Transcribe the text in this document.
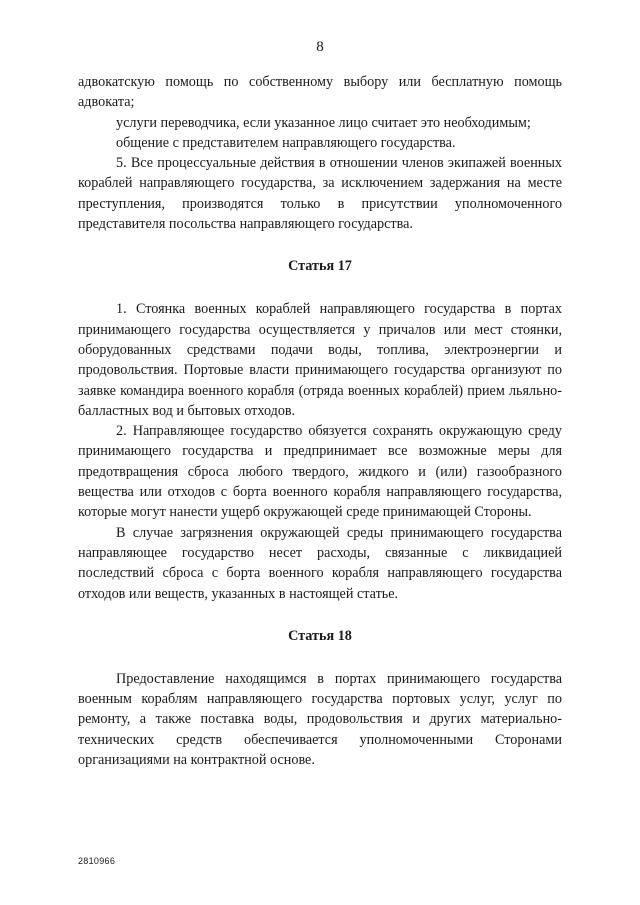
8

адвокатскую помощь по собственному выбору или бесплатную помощь адвоката;

услуги переводчика, если указанное лицо считает это необходимым;

общение с представителем направляющего государства.

5. Все процессуальные действия в отношении членов экипажей военных кораблей направляющего государства, за исключением задержания на месте преступления, производятся только в присутствии уполномоченного представителя посольства направляющего государства.

Статья 17

1. Стоянка военных кораблей направляющего государства в портах принимающего государства осуществляется у причалов или мест стоянки, оборудованных средствами подачи воды, топлива, электроэнергии и продовольствия. Портовые власти принимающего государства организуют по заявке командира военного корабля (отряда военных кораблей) прием льяльно-балластных вод и бытовых отходов.

2. Направляющее государство обязуется сохранять окружающую среду принимающего государства и предпринимает все возможные меры для предотвращения сброса любого твердого, жидкого и (или) газообразного вещества или отходов с борта военного корабля направляющего государства, которые могут нанести ущерб окружающей среде принимающей Стороны.

В случае загрязнения окружающей среды принимающего государства направляющее государство несет расходы, связанные с ликвидацией последствий сброса с борта военного корабля направляющего государства отходов или веществ, указанных в настоящей статье.

Статья 18

Предоставление находящимся в портах принимающего государства военным кораблям направляющего государства портовых услуг, услуг по ремонту, а также поставка воды, продовольствия и других материально-технических средств обеспечивается уполномоченными Сторонами организациями на контрактной основе.

2810966
